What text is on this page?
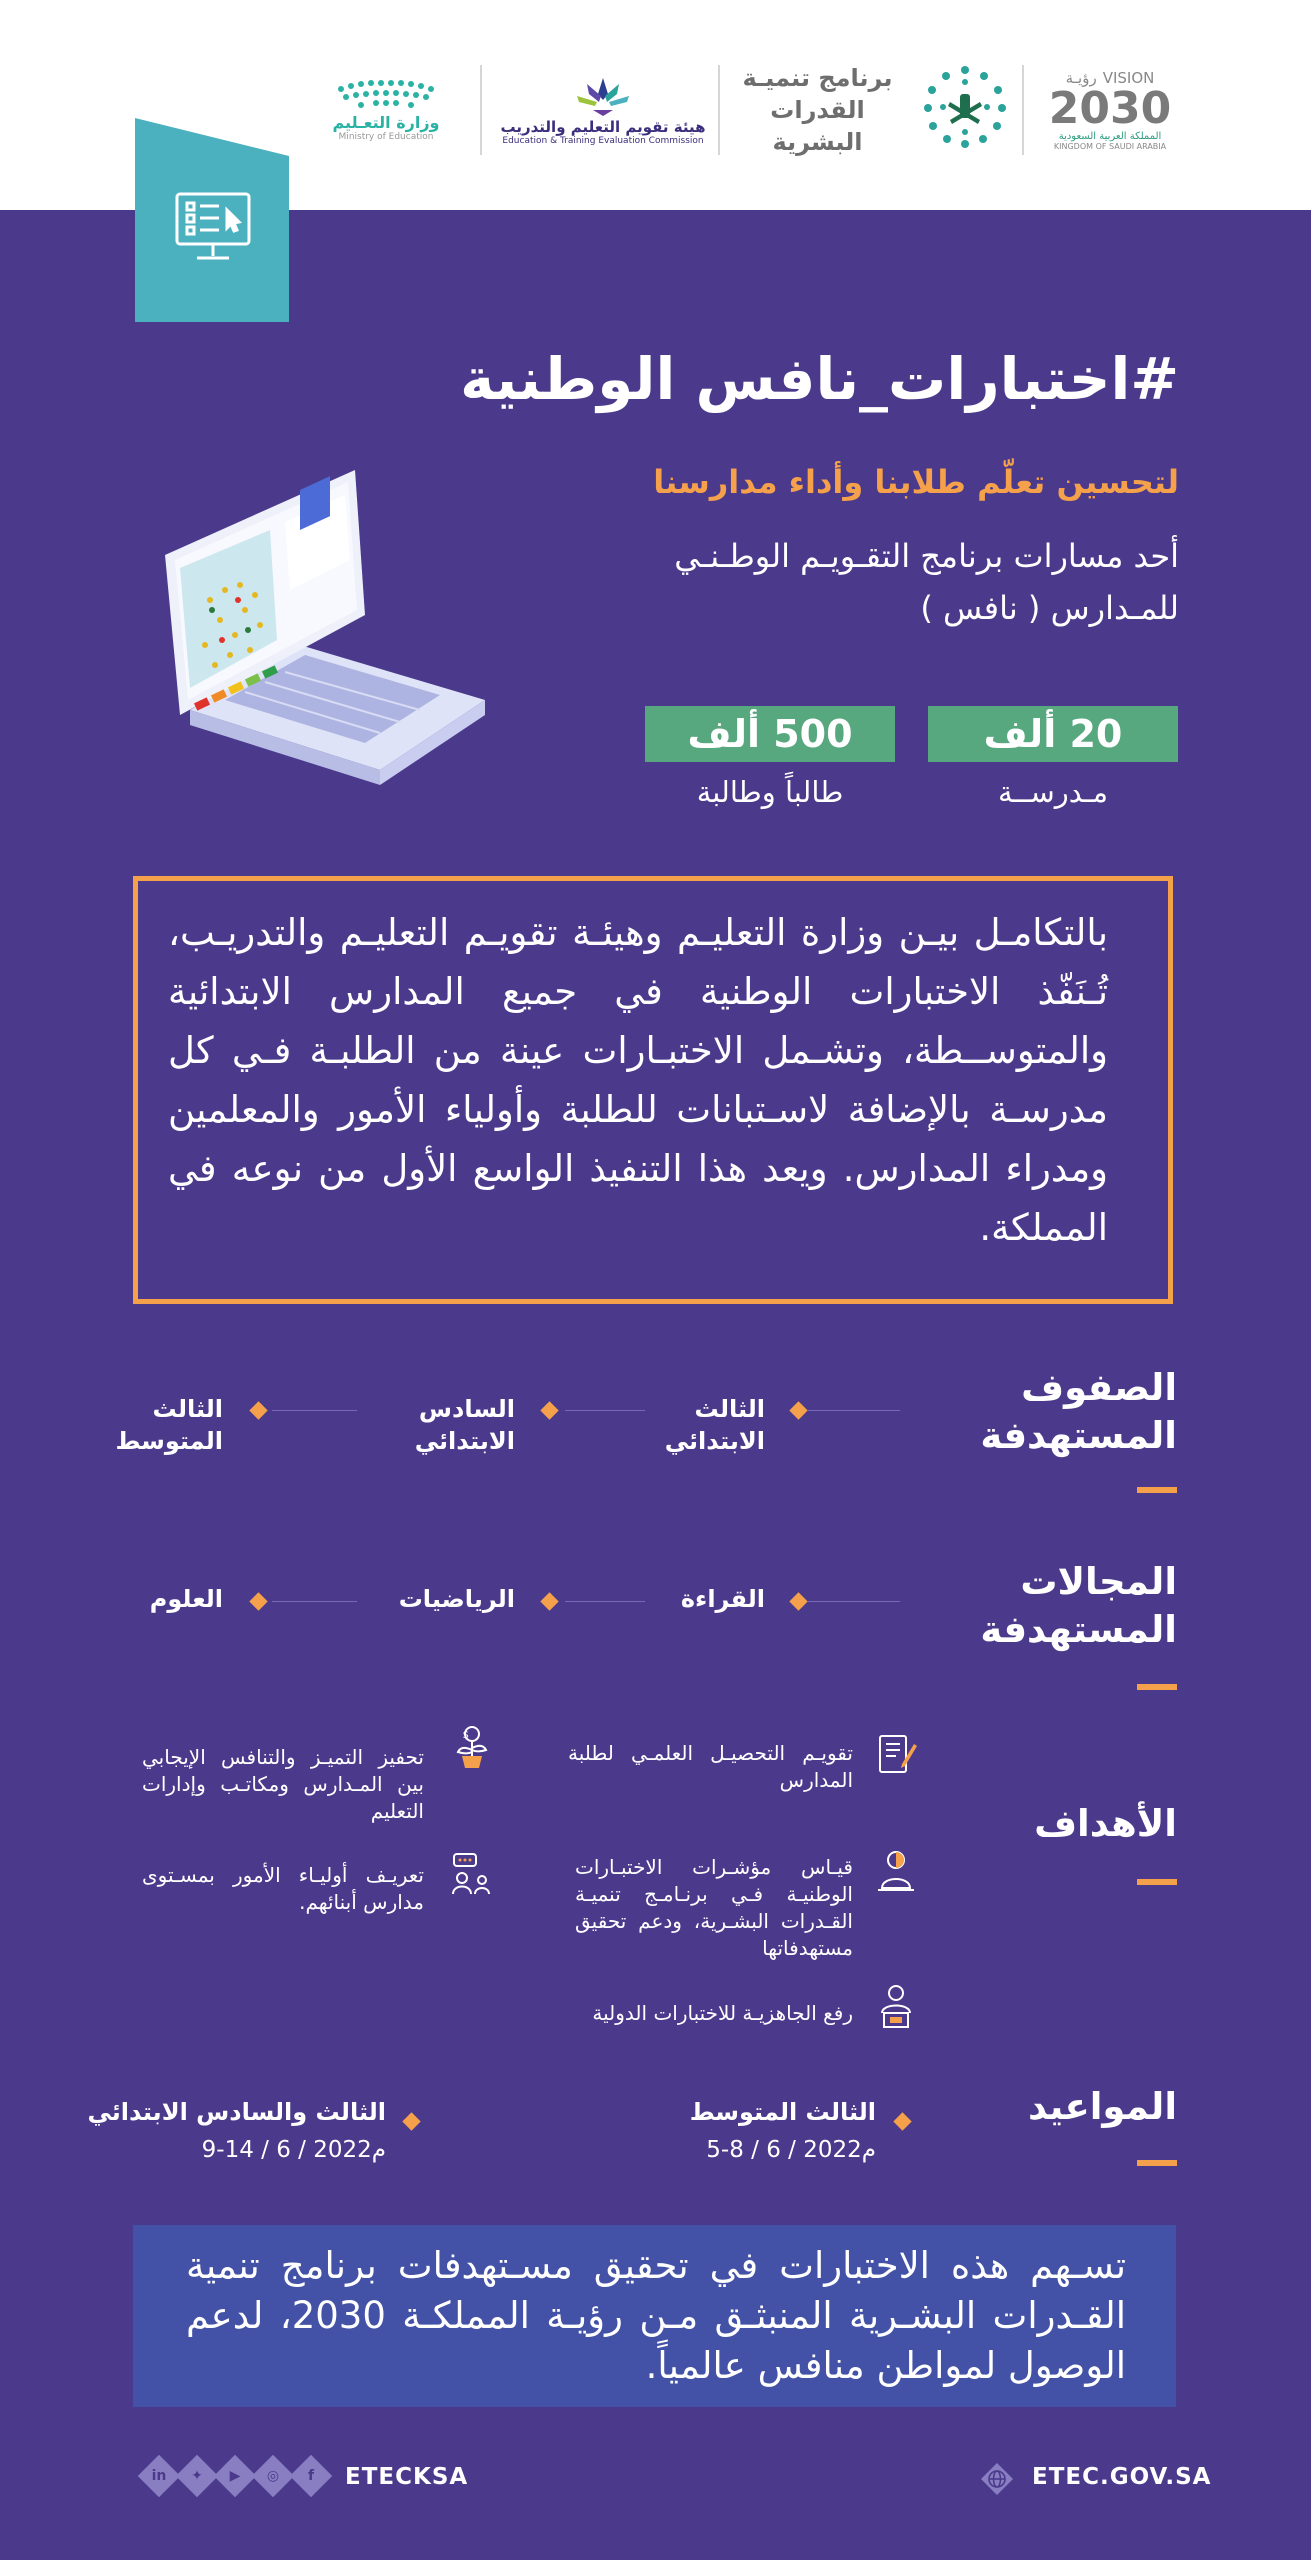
VISION
رؤيـة
2030
المملكة العربية السعودية
KINGDOM OF SAUDI ARABIA
برنامج تنميـة
القدرات البشرية
هيئة تقويم التعليم والتدريب
Education & Training Evaluation Commission
وزارة التعـليم
Ministry of Education
#اختبارات_نافس الوطنية
لتحسين تعلّم طلابنا وأداء مدارسنا
أحد مسارات برنامج التقـويـم الوطـنـي للمـدارس ( نافس )
20 ألف
مـدرســة
500 ألف
طالباً وطالبة

بالتكامـل بيـن وزارة التعليـم وهيئـة تقويـم التعليـم والتدريـب، تُـنَفّذ الاختبارات الوطنية في جميع المدارس الابتدائية والمتوســطة، وتشـمل الاختبـارات عينة من الطلبـة فـي كل مدرسـة بالإضافة لاسـتبانات للطلبة وأولياء الأمور والمعلمين ومدراء المدارس. ويعد هذا التنفيذ الواسع الأول من نوعه في المملكة.

الصفوف المستهدفة
الثالث الابتدائي
السادس الابتدائي
الثالث المتوسط
المجالات المستهدفة
القراءة
الرياضيات
العلوم
الأهداف
تقويـم التحصيـل العلمـي لطلبة المدارس
$
تحفيز التميـز والتنافس الإيجابي بين المـدارس ومكاتـب وإدارات التعليم
قيـاس مؤشـرات الاختبـارات الوطنيـة فـي برنـامـج تنميـة القـدرات البشـرية، ودعم تحقيق مستهدفاتها
تعريـف أوليـاء الأمور بمسـتوى مدارس أبنائهم.
رفع الجاهزيـة للاختبارات الدولية
المواعيد
الثالث المتوسط
5-8 / 6 / 2022م
الثالث والسادس الابتدائي
9-14 / 6 / 2022م

تسـهم هذه الاختبارات في تحقيق مسـتهدفات برنامج تنمية القـدرات البشـرية المنبثـق مـن رؤيـة المملكـة 2030، لدعم الوصول لمواطن منافس عالمياً.

ETEC.GOV.SA
f
◎
▶
✦
in	ETECKSA
